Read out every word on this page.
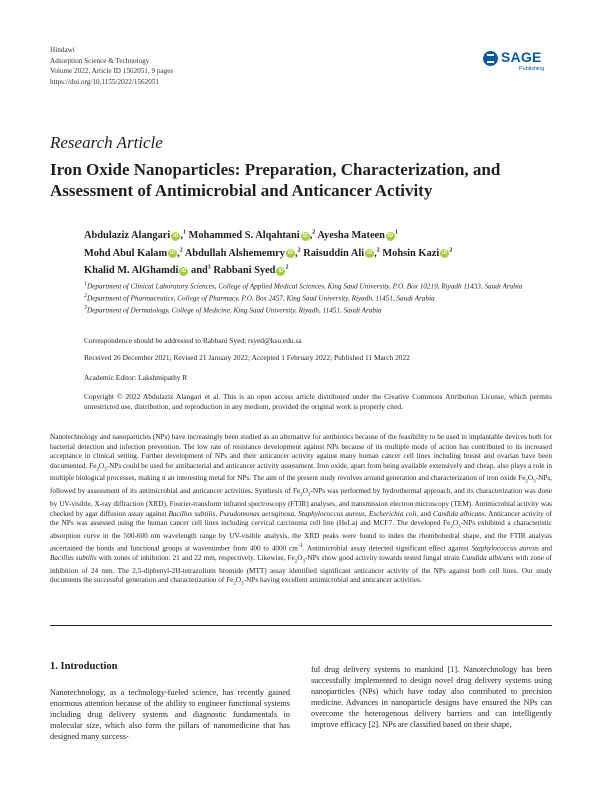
Hindawi
Adsorption Science & Technology
Volume 2022, Article ID 1562051, 9 pages
https://doi.org/10.1155/2022/1562051
SAGE
Publishing
Research Article
Iron Oxide Nanoparticles: Preparation, Characterization, and Assessment of Antimicrobial and Anticancer Activity
Abdulaziz Alangari iD ,$^1$ Mohammed S. Alqahtani iD ,$^2$ Ayesha Mateen iD $^1$
Mohd Abul Kalam iD ,$^2$ Abdullah Alshememry iD ,$^2$ Raisuddin Ali iD ,$^2$ Mohsin Kazi iD $^2$
Khalid M. AlGhamdi iD and$^3$ Rabbani Syed iD $^2$
$^1$Department of Clinical Laboratory Sciences, College of Applied Medical Sciences, King Saud University, P.O. Box 10219, Riyadh 11433, Saudi Arabia
$^2$Department of Pharmaceutics, College of Pharmacy, P.O. Box 2457, King Saud University, Riyadh, 11451, Saudi Arabia
$^3$Department of Dermatology, College of Medicine, King Saud University, Riyadh, 11451, Saudi Arabia
Correspondence should be addressed to Rabbani Syed; rsyed@ksu.edu.sa
Received 26 December 2021; Revised 21 January 2022; Accepted 1 February 2022; Published 11 March 2022
Academic Editor: Lakshmipathy R
Copyright © 2022 Abdulaziz Alangari et al. This is an open access article distributed under the Creative Commons Attribution License, which permits unrestricted use, distribution, and reproduction in any medium, provided the original work is properly cited.
Nanotechnology and nanoparticles (NPs) have increasingly been studied as an alternative for antibiotics because of the feasibility to be used in implantable devices both for bacterial detection and infection prevention. The low rate of resistance development against NPs because of its multiple mode of action has contributed to its increased acceptance in clinical setting. Further development of NPs and their anticancer activity against many human cancer cell lines including breast and ovarian have been documented. $Fe_2O_3$-NPs could be used for antibacterial and anticancer activity assessment. Iron oxide, apart from being available extensively and cheap, also plays a role in multiple biological processes, making it an interesting metal for NPs. The aim of the present study revolves around generation and characterization of iron oxide $Fe_2O_3$-NPs, followed by assessment of its antimicrobial and anticancer activities. Synthesis of $Fe_2O_3$-NPs was performed by hydrothermal approach, and its characterization was done by UV-visible, X-ray diffraction (XRD), Fourier-transform infrared spectroscopy (FTIR) analyses, and transmission electron microscopy (TEM). Antimicrobial activity was checked by agar diffusion assay against Bacillus subtilis, Pseudomonas aeruginosa, Staphylococcus aureus, Escherichia coli, and Candida albicans. Anticancer activity of the NPs was assessed using the human cancer cell lines including cervical carcinoma cell line (HeLa) and MCF7. The developed $Fe_2O_3$-NPs exhibited a characteristic absorption curve in the 500-600 nm wavelength range by UV-visible analysis, the XRD peaks were found to index the rhombohedral shape, and the FTIR analysis ascertained the bonds and functional groups at wavenumber from 400 to 4000 $cm^{-1}$. Antimicrobial assay detected significant effect against Staphylococcus aureus and Bacillus subtilis with zones of inhibition: 21 and 22 mm, respectively. Likewise, $Fe_2O_3$-NPs show good activity towards tested fungal strain Candida albicans with zone of inhibition of 24 mm. The 2,5-diphenyl-2H-tetrazolium bromide (MTT) assay identified significant anticancer activity of the NPs against both cell lines. Our study documents the successful generation and characterization of $Fe_2O_3$-NPs having excellent antimicrobial and anticancer activities.
1. Introduction
Nanotechnology, as a technology-fueled science, has recently gained enormous attention because of the ability to engineer functional systems including drug delivery systems and diagnostic fundamentals in molecular size, which also form the pillars of nanomedicine that has designed many success-
ful drug delivery systems to mankind [1]. Nanotechnology has been successfully implemented to design novel drug delivery systems using nanoparticles (NPs) which have today also contributed to precision medicine. Advances in nanoparticle designs have ensured the NPs can overcome the heterogenous delivery barriers and can intelligently improve efficacy [2]. NPs are classified based on their shape,
